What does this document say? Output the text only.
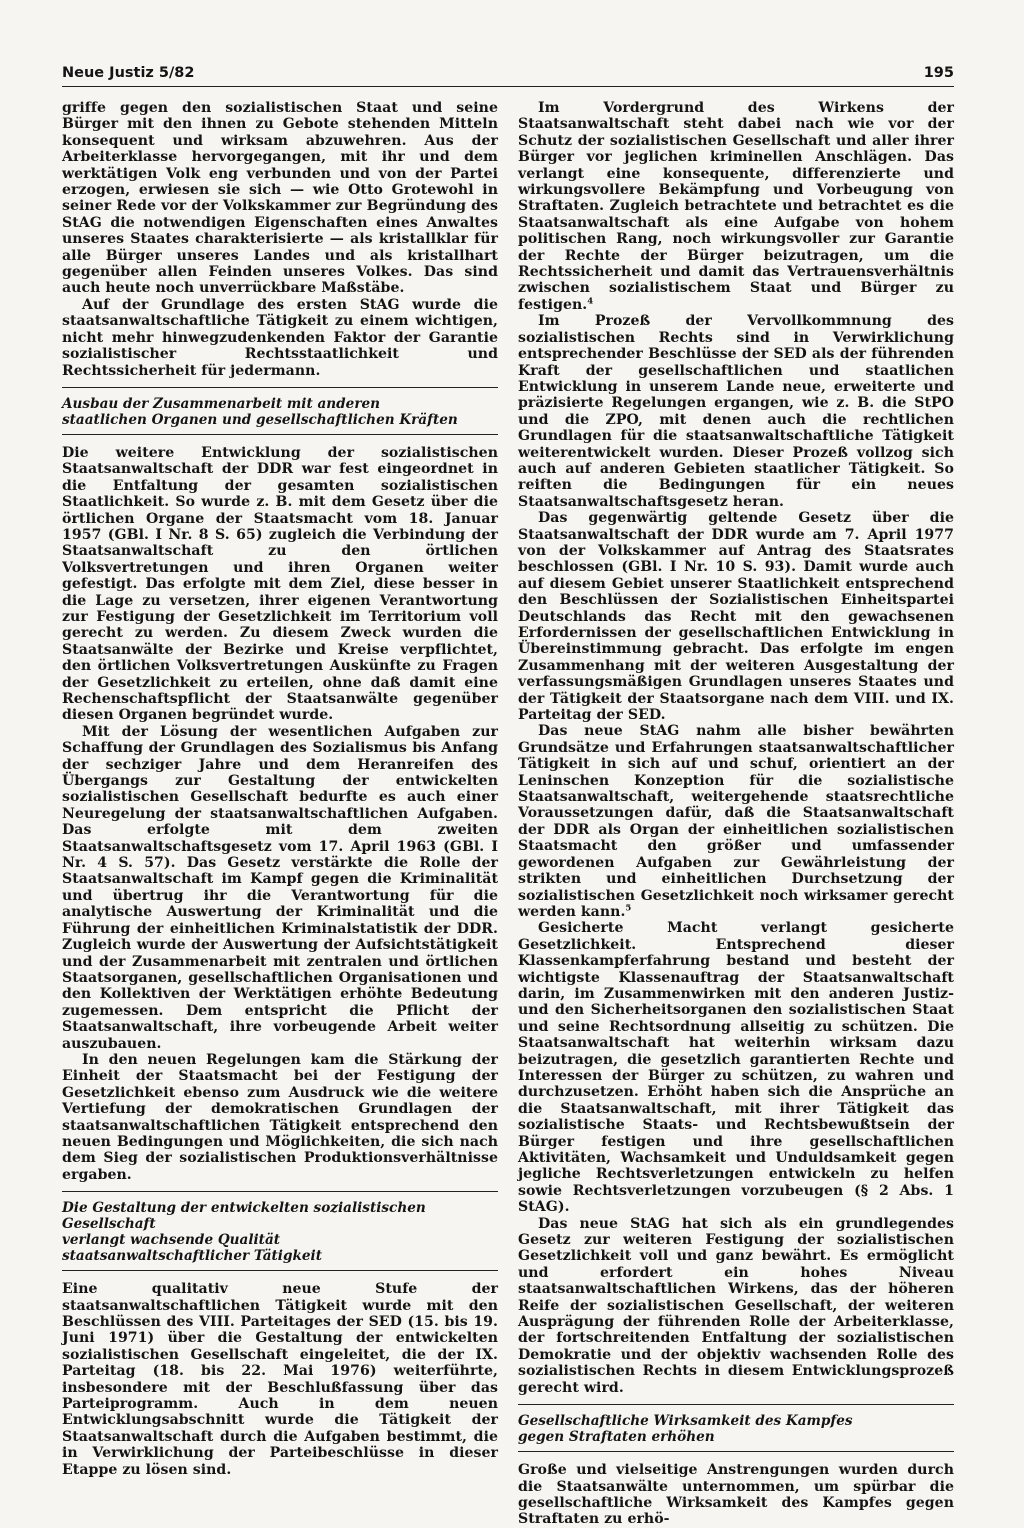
Neue Justiz 5/82	195

griffe gegen den sozialistischen Staat und seine Bürger mit den ihnen zu Gebote stehenden Mitteln konsequent und wirksam abzuwehren. Aus der Arbeiterklasse hervorgegangen, mit ihr und dem werktätigen Volk eng verbunden und von der Partei erzogen, erwiesen sie sich — wie Otto Grotewohl in seiner Rede vor der Volkskammer zur Begründung des StAG die notwendigen Eigenschaften eines Anwaltes unseres Staates charakterisierte — als kristallklar für alle Bürger unseres Landes und als kristallhart gegenüber allen Feinden unseres Volkes. Das sind auch heute noch unverrückbare Maßstäbe.

Auf der Grundlage des ersten StAG wurde die staatsanwaltschaftliche Tätigkeit zu einem wichtigen, nicht mehr hinwegzudenkenden Faktor der Garantie sozialistischer Rechtsstaatlichkeit und Rechtssicherheit für jedermann.

Ausbau der Zusammenarbeit mit anderen
staatlichen Organen und gesellschaftlichen Kräften

Die weitere Entwicklung der sozialistischen Staatsanwaltschaft der DDR war fest eingeordnet in die Entfaltung der gesamten sozialistischen Staatlichkeit. So wurde z. B. mit dem Gesetz über die örtlichen Organe der Staatsmacht vom 18. Januar 1957 (GBl. I Nr. 8 S. 65) zugleich die Verbindung der Staatsanwaltschaft zu den örtlichen Volksvertretungen und ihren Organen weiter gefestigt. Das erfolgte mit dem Ziel, diese besser in die Lage zu versetzen, ihrer eigenen Verantwortung zur Festigung der Gesetzlichkeit im Territorium voll gerecht zu werden. Zu diesem Zweck wurden die Staatsanwälte der Bezirke und Kreise verpflichtet, den örtlichen Volksvertretungen Auskünfte zu Fragen der Gesetzlichkeit zu erteilen, ohne daß damit eine Rechenschaftspflicht der Staatsanwälte gegenüber diesen Organen begründet wurde.

Mit der Lösung der wesentlichen Aufgaben zur Schaffung der Grundlagen des Sozialismus bis Anfang der sechziger Jahre und dem Heranreifen des Übergangs zur Gestaltung der entwickelten sozialistischen Gesellschaft bedurfte es auch einer Neuregelung der staatsanwaltschaftlichen Aufgaben. Das erfolgte mit dem zweiten Staatsanwaltschaftsgesetz vom 17. April 1963 (GBl. I Nr. 4 S. 57). Das Gesetz verstärkte die Rolle der Staatsanwaltschaft im Kampf gegen die Kriminalität und übertrug ihr die Verantwortung für die analytische Auswertung der Kriminalität und die Führung der einheitlichen Kriminalstatistik der DDR. Zugleich wurde der Auswertung der Aufsichtstätigkeit und der Zusammenarbeit mit zentralen und örtlichen Staatsorganen, gesellschaftlichen Organisationen und den Kollektiven der Werktätigen erhöhte Bedeutung zugemessen. Dem entspricht die Pflicht der Staatsanwaltschaft, ihre vorbeugende Arbeit weiter auszubauen.

In den neuen Regelungen kam die Stärkung der Einheit der Staatsmacht bei der Festigung der Gesetzlichkeit ebenso zum Ausdruck wie die weitere Vertiefung der demokratischen Grundlagen der staatsanwaltschaftlichen Tätigkeit entsprechend den neuen Bedingungen und Möglichkeiten, die sich nach dem Sieg der sozialistischen Produktionsverhältnisse ergaben.

Die Gestaltung der entwickelten sozialistischen Gesellschaft
verlangt wachsende Qualität
staatsanwaltschaftlicher Tätigkeit

Eine qualitativ neue Stufe der staatsanwaltschaftlichen Tätigkeit wurde mit den Beschlüssen des VIII. Parteitages der SED (15. bis 19. Juni 1971) über die Gestaltung der entwickelten sozialistischen Gesellschaft eingeleitet, die der IX. Parteitag (18. bis 22. Mai 1976) weiterführte, insbesondere mit der Beschlußfassung über das Parteiprogramm. Auch in dem neuen Entwicklungsabschnitt wurde die Tätigkeit der Staatsanwaltschaft durch die Aufgaben bestimmt, die in Verwirklichung der Parteibeschlüsse in dieser Etappe zu lösen sind.

Im Vordergrund des Wirkens der Staatsanwaltschaft steht dabei nach wie vor der Schutz der sozialistischen Gesellschaft und aller ihrer Bürger vor jeglichen kriminellen Anschlägen. Das verlangt eine konsequente, differenzierte und wirkungsvollere Bekämpfung und Vorbeugung von Straftaten. Zugleich betrachtete und betrachtet es die Staatsanwaltschaft als eine Aufgabe von hohem politischen Rang, noch wirkungsvoller zur Garantie der Rechte der Bürger beizutragen, um die Rechtssicherheit und damit das Vertrauensverhältnis zwischen sozialistischem Staat und Bürger zu festigen.$^4$

Im Prozeß der Vervollkommnung des sozialistischen Rechts sind in Verwirklichung entsprechender Beschlüsse der SED als der führenden Kraft der gesellschaftlichen und staatlichen Entwicklung in unserem Lande neue, erweiterte und präzisierte Regelungen ergangen, wie z. B. die StPO und die ZPO, mit denen auch die rechtlichen Grundlagen für die staatsanwaltschaftliche Tätigkeit weiterentwickelt wurden. Dieser Prozeß vollzog sich auch auf anderen Gebieten staatlicher Tätigkeit. So reiften die Bedingungen für ein neues Staatsanwaltschaftsgesetz heran.

Das gegenwärtig geltende Gesetz über die Staatsanwaltschaft der DDR wurde am 7. April 1977 von der Volkskammer auf Antrag des Staatsrates beschlossen (GBl. I Nr. 10 S. 93). Damit wurde auch auf diesem Gebiet unserer Staatlichkeit entsprechend den Beschlüssen der Sozialistischen Einheitspartei Deutschlands das Recht mit den gewachsenen Erfordernissen der gesellschaftlichen Entwicklung in Übereinstimmung gebracht. Das erfolgte im engen Zusammenhang mit der weiteren Ausgestaltung der verfassungsmäßigen Grundlagen unseres Staates und der Tätigkeit der Staatsorgane nach dem VIII. und IX. Parteitag der SED.

Das neue StAG nahm alle bisher bewährten Grundsätze und Erfahrungen staatsanwaltschaftlicher Tätigkeit in sich auf und schuf, orientiert an der Leninschen Konzeption für die sozialistische Staatsanwaltschaft, weitergehende staatsrechtliche Voraussetzungen dafür, daß die Staatsanwaltschaft der DDR als Organ der einheitlichen sozialistischen Staatsmacht den größer und umfassender gewordenen Aufgaben zur Gewährleistung der strikten und einheitlichen Durchsetzung der sozialistischen Gesetzlichkeit noch wirksamer gerecht werden kann.$^5$

Gesicherte Macht verlangt gesicherte Gesetzlichkeit. Entsprechend dieser Klassenkampferfahrung bestand und besteht der wichtigste Klassenauftrag der Staatsanwaltschaft darin, im Zusammenwirken mit den anderen Justiz- und den Sicherheitsorganen den sozialistischen Staat und seine Rechtsordnung allseitig zu schützen. Die Staatsanwaltschaft hat weiterhin wirksam dazu beizutragen, die gesetzlich garantierten Rechte und Interessen der Bürger zu schützen, zu wahren und durchzusetzen. Erhöht haben sich die Ansprüche an die Staatsanwaltschaft, mit ihrer Tätigkeit das sozialistische Staats- und Rechtsbewußtsein der Bürger festigen und ihre gesellschaftlichen Aktivitäten, Wachsamkeit und Unduldsamkeit gegen jegliche Rechtsverletzungen entwickeln zu helfen sowie Rechtsverletzungen vorzubeugen (§ 2 Abs. 1 StAG).

Das neue StAG hat sich als ein grundlegendes Gesetz zur weiteren Festigung der sozialistischen Gesetzlichkeit voll und ganz bewährt. Es ermöglicht und erfordert ein hohes Niveau staatsanwaltschaftlichen Wirkens, das der höheren Reife der sozialistischen Gesellschaft, der weiteren Ausprägung der führenden Rolle der Arbeiterklasse, der fortschreitenden Entfaltung der sozialistischen Demokratie und der objektiv wachsenden Rolle des sozialistischen Rechts in diesem Entwicklungsprozeß gerecht wird.

Gesellschaftliche Wirksamkeit des Kampfes
gegen Straftaten erhöhen

Große und vielseitige Anstrengungen wurden durch die Staatsanwälte unternommen, um spürbar die gesellschaftliche Wirksamkeit des Kampfes gegen Straftaten zu erhö-
